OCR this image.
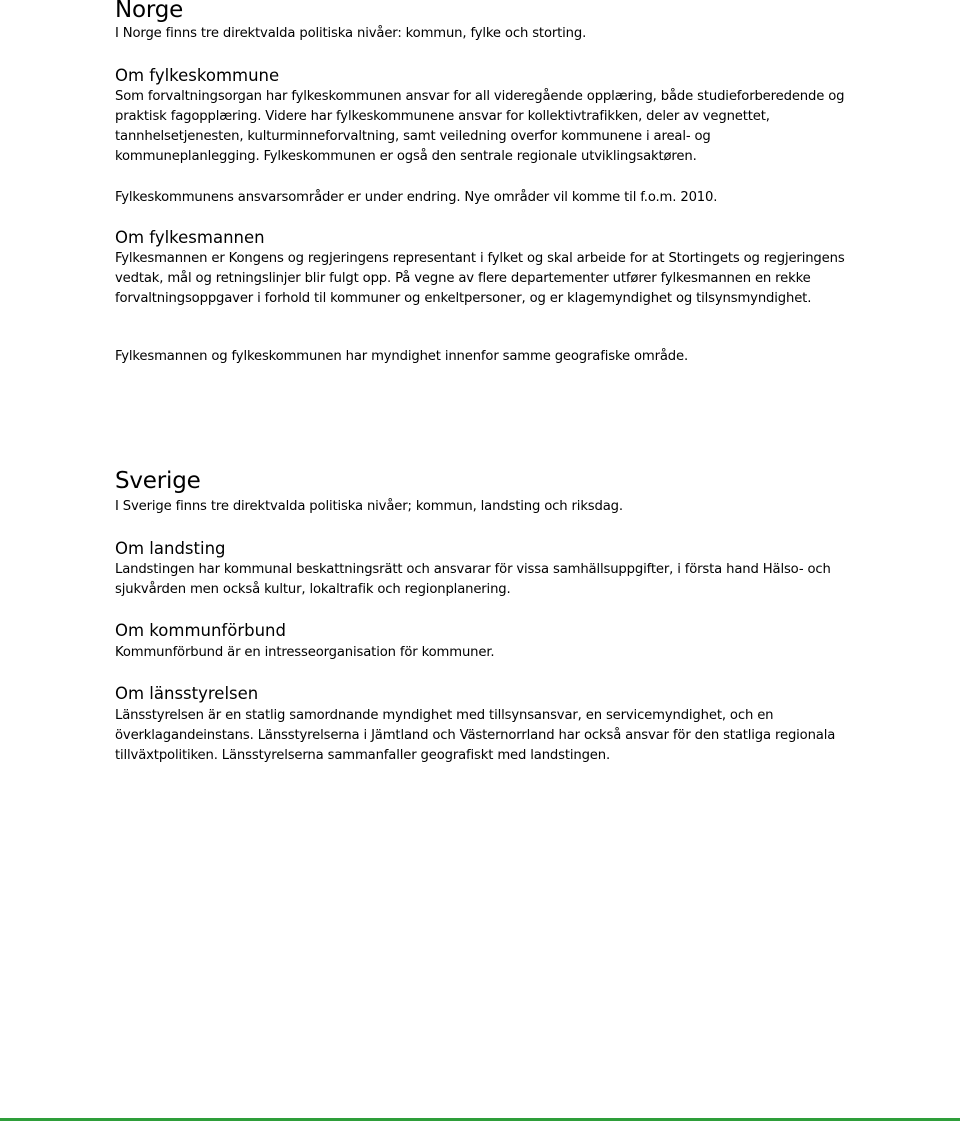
Norge

I Norge finns tre direktvalda politiska nivåer: kommun, fylke och storting.

Om fylkeskommune

Som forvaltningsorgan har fylkeskommunen ansvar for all videregående opplæring, både studieforberedende og praktisk fagopplæring. Videre har fylkeskommunene ansvar for kollektivtrafikken, deler av vegnettet, tannhelsetjenesten, kulturminneforvaltning, samt veiledning overfor kommunene i areal- og kommuneplanlegging. Fylkeskommunen er også den sentrale regionale utviklingsaktøren.

Fylkeskommunens ansvarsområder er under endring. Nye områder vil komme til f.o.m. 2010.

Om fylkesmannen

Fylkesmannen er Kongens og regjeringens representant i fylket og skal arbeide for at Stortingets og regjeringens vedtak, mål og retningslinjer blir fulgt opp. På vegne av flere departementer utfører fylkesmannen en rekke forvaltningsoppgaver i forhold til kommuner og enkeltpersoner, og er klagemyndighet og tilsynsmyndighet.

Fylkesmannen og fylkeskommunen har myndighet innenfor samme geografiske område.

Sverige

I Sverige finns tre direktvalda politiska nivåer; kommun, landsting och riksdag.

Om landsting

Landstingen har kommunal beskattningsrätt och ansvarar för vissa samhällsuppgifter, i första hand Hälso- och sjukvården men också kultur, lokaltrafik och regionplanering.

Om kommunförbund

Kommunförbund är en intresseorganisation för kommuner.

Om länsstyrelsen

Länsstyrelsen är en statlig samordnande myndighet med tillsynsansvar, en servicemyndighet, och en överklagandeinstans. Länsstyrelserna i Jämtland och Västernorrland har också ansvar för den statliga regionala tillväxtpolitiken. Länsstyrelserna sammanfaller geografiskt med landstingen.
